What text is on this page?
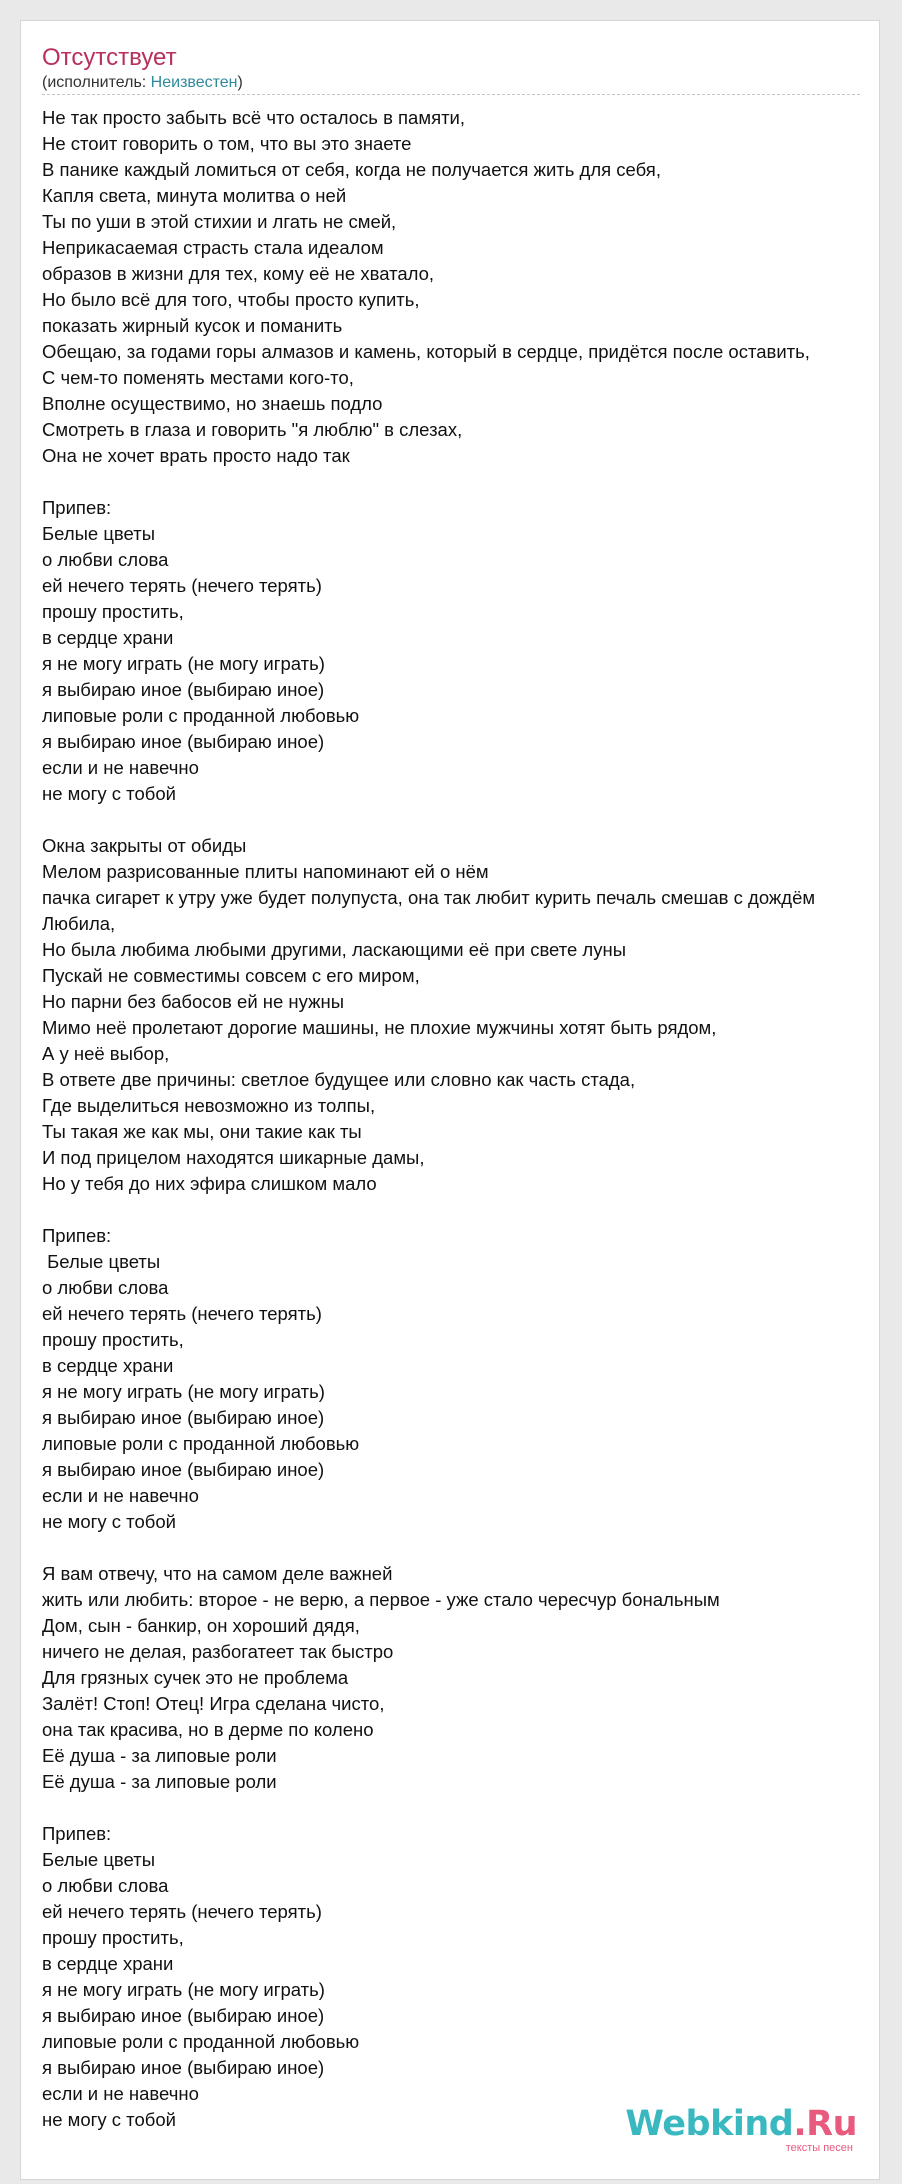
Отсутствует
(исполнитель: Неизвестен)
Не так просто забыть всё что осталось в памяти,
Не стоит говорить о том, что вы это знаете
В панике каждый ломиться от себя, когда не получается жить для себя,
Капля света, минута молитва о ней
Ты по уши в этой стихии и лгать не смей,
Неприкасаемая страсть стала идеалом
образов в жизни для тех, кому её не хватало,
Но было всё для того, чтобы просто купить,
показать жирный кусок и поманить
Обещаю, за годами горы алмазов и камень, который в сердце, придётся после оставить,
С чем-то поменять местами кого-то,
Вполне осуществимо, но знаешь подло
Смотреть в глаза и говорить "я люблю" в слезах,
Она не хочет врать просто надо так
Припев:
Белые цветы
о любви слова
ей нечего терять (нечего терять)
прошу простить,
в сердце храни
я не могу играть (не могу играть)
я выбираю иное (выбираю иное)
липовые роли с проданной любовью
я выбираю иное (выбираю иное)
если и не навечно
не могу с тобой
Окна закрыты от обиды
Мелом разрисованные плиты напоминают ей о нём
пачка сигарет к утру уже будет полупуста, она так любит курить печаль смешав с дождём
Любила,
Но была любима любыми другими, ласкающими её при свете луны
Пускай не совместимы совсем с его миром,
Но парни без бабосов ей не нужны
Мимо неё пролетают дорогие машины, не плохие мужчины хотят быть рядом,
А у неё выбор,
В ответе две причины: светлое будущее или словно как часть стада,
Где выделиться невозможно из толпы,
Ты такая же как мы, они такие как ты
И под прицелом находятся шикарные дамы,
Но у тебя до них эфира слишком мало
Припев:
Белые цветы
о любви слова
ей нечего терять (нечего терять)
прошу простить,
в сердце храни
я не могу играть (не могу играть)
я выбираю иное (выбираю иное)
липовые роли с проданной любовью
я выбираю иное (выбираю иное)
если и не навечно
не могу с тобой
Я вам отвечу, что на самом деле важней
жить или любить: второе - не верю, а первое - уже стало чересчур бональным
Дом, сын - банкир, он хороший дядя,
ничего не делая, разбогатеет так быстро
Для грязных сучек это не проблема
Залёт! Стоп! Отец! Игра сделана чисто,
она так красива, но в дерме по колено
Её душа - за липовые роли
Её душа - за липовые роли
Припев:
Белые цветы
о любви слова
ей нечего терять (нечего терять)
прошу простить,
в сердце храни
я не могу играть (не могу играть)
я выбираю иное (выбираю иное)
липовые роли с проданной любовью
я выбираю иное (выбираю иное)
если и не навечно
не могу с тобой	Webkind.Ru
тексты песен
